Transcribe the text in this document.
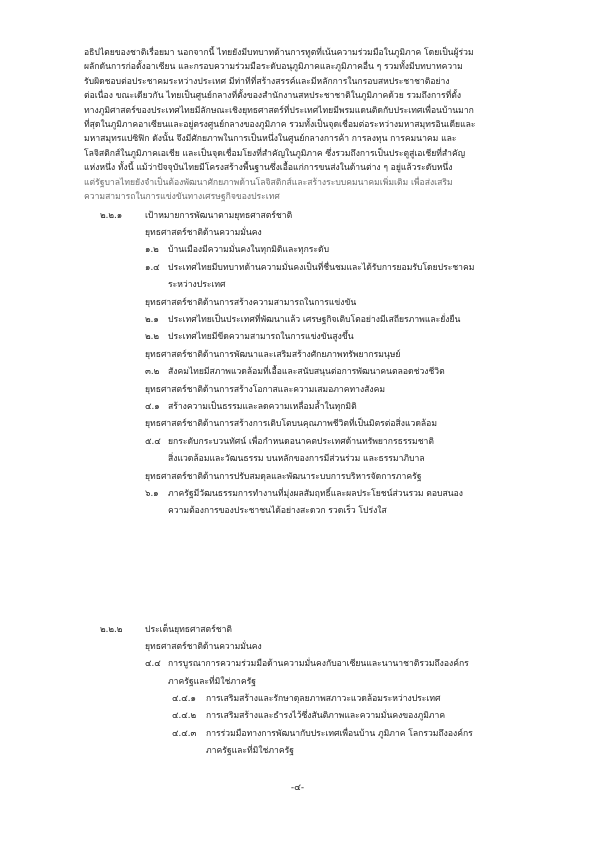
อธิปไตยของชาติเรื่อยมา นอกจากนี้ ไทยยังมีบทบาทด้านการทูตที่เน้นความร่วมมือในภูมิภาค โดยเป็นผู้ร่วม
ผลักดันการก่อตั้งอาเซียน และกรอบความร่วมมือระดับอนุภูมิภาคและภูมิภาคอื่น ๆ รวมทั้งมีบทบาทความ
รับผิดชอบต่อประชาคมระหว่างประเทศ มีท่าทีที่สร้างสรรค์และมีหลักการในกรอบสหประชาชาติอย่าง
ต่อเนื่อง ขณะเดียวกัน ไทยเป็นศูนย์กลางที่ตั้งของสำนักงานสหประชาชาติในภูมิภาคด้วย รวมถึงการที่ตั้ง
ทางภูมิศาสตร์ของประเทศไทยมีลักษณะเชิงยุทธศาสตร์ที่ประเทศไทยมีพรมแดนติดกับประเทศเพื่อนบ้านมาก
ที่สุดในภูมิภาคอาเซียนและอยู่ตรงศูนย์กลางของภูมิภาค รวมทั้งเป็นจุดเชื่อมต่อระหว่างมหาสมุทรอินเดียและ
มหาสมุทรแปซิฟิก ดังนั้น จึงมีศักยภาพในการเป็นหนึ่งในศูนย์กลางการค้า การลงทุน การคมนาคม และ
โลจิสติกส์ในภูมิภาคเอเชีย และเป็นจุดเชื่อมโยงที่สำคัญในภูมิภาค ซึ่งรวมถึงการเป็นประตูสู่เอเชียที่สำคัญ
แห่งหนึ่ง ทั้งนี้ แม้ว่าปัจจุบันไทยมีโครงสร้างพื้นฐานซึ่งเอื้อแก่การขนส่งในด้านต่าง ๆ อยู่แล้วระดับหนึ่ง
แต่รัฐบาลไทยยังจำเป็นต้องพัฒนาศักยภาพด้านโลจิสติกส์และสร้างระบบคมนาคมเพิ่มเติม เพื่อส่งเสริม
ความสามารถในการแข่งขันทางเศรษฐกิจของประเทศ
๒.๒.๑	เป้าหมายการพัฒนาตามยุทธศาสตร์ชาติ
ยุทธศาสตร์ชาติด้านความมั่นคง
๑.๒ บ้านเมืองมีความมั่นคงในทุกมิติและทุกระดับ
๑.๔ ประเทศไทยมีบทบาทด้านความมั่นคงเป็นที่ชื่นชมและได้รับการยอมรับโดยประชาคม
ระหว่างประเทศ
ยุทธศาสตร์ชาติด้านการสร้างความสามารถในการแข่งขัน
๒.๑ ประเทศไทยเป็นประเทศที่พัฒนาแล้ว เศรษฐกิจเติบโตอย่างมีเสถียรภาพและยั่งยืน
๒.๒ ประเทศไทยมีขีดความสามารถในการแข่งขันสูงขึ้น
ยุทธศาสตร์ชาติด้านการพัฒนาและเสริมสร้างศักยภาพทรัพยากรมนุษย์
๓.๒ สังคมไทยมีสภาพแวดล้อมที่เอื้อและสนับสนุนต่อการพัฒนาคนตลอดช่วงชีวิต
ยุทธศาสตร์ชาติด้านการสร้างโอกาสและความเสมอภาคทางสังคม
๔.๑ สร้างความเป็นธรรมและลดความเหลื่อมล้ำในทุกมิติ
ยุทธศาสตร์ชาติด้านการสร้างการเติบโตบนคุณภาพชีวิตที่เป็นมิตรต่อสิ่งแวดล้อม
๕.๔ ยกระดับกระบวนทัศน์ เพื่อกำหนดอนาคตประเทศด้านทรัพยากรธรรมชาติ
สิ่งแวดล้อมและวัฒนธรรม บนหลักของการมีส่วนร่วม และธรรมาภิบาล
ยุทธศาสตร์ชาติด้านการปรับสมดุลและพัฒนาระบบการบริหารจัดการภาครัฐ
๖.๑ ภาครัฐมีวัฒนธรรมการทำงานที่มุ่งผลสัมฤทธิ์และผลประโยชน์ส่วนรวม ตอบสนอง
ความต้องการของประชาชนได้อย่างสะดวก รวดเร็ว โปร่งใส
๒.๒.๒	ประเด็นยุทธศาสตร์ชาติ
ยุทธศาสตร์ชาติด้านความมั่นคง
๔.๔ การบูรณาการความร่วมมือด้านความมั่นคงกับอาเซียนและนานาชาติรวมถึงองค์กร
ภาครัฐและที่มิใช่ภาครัฐ
๔.๔.๑ การเสริมสร้างและรักษาดุลยภาพสภาวะแวดล้อมระหว่างประเทศ
๔.๔.๒ การเสริมสร้างและธำรงไว้ซึ่งสันติภาพและความมั่นคงของภูมิภาค
๔.๔.๓ การร่วมมือทางการพัฒนากับประเทศเพื่อนบ้าน ภูมิภาค โลกรวมถึงองค์กร
ภาครัฐและที่มิใช่ภาครัฐ
-๔-
